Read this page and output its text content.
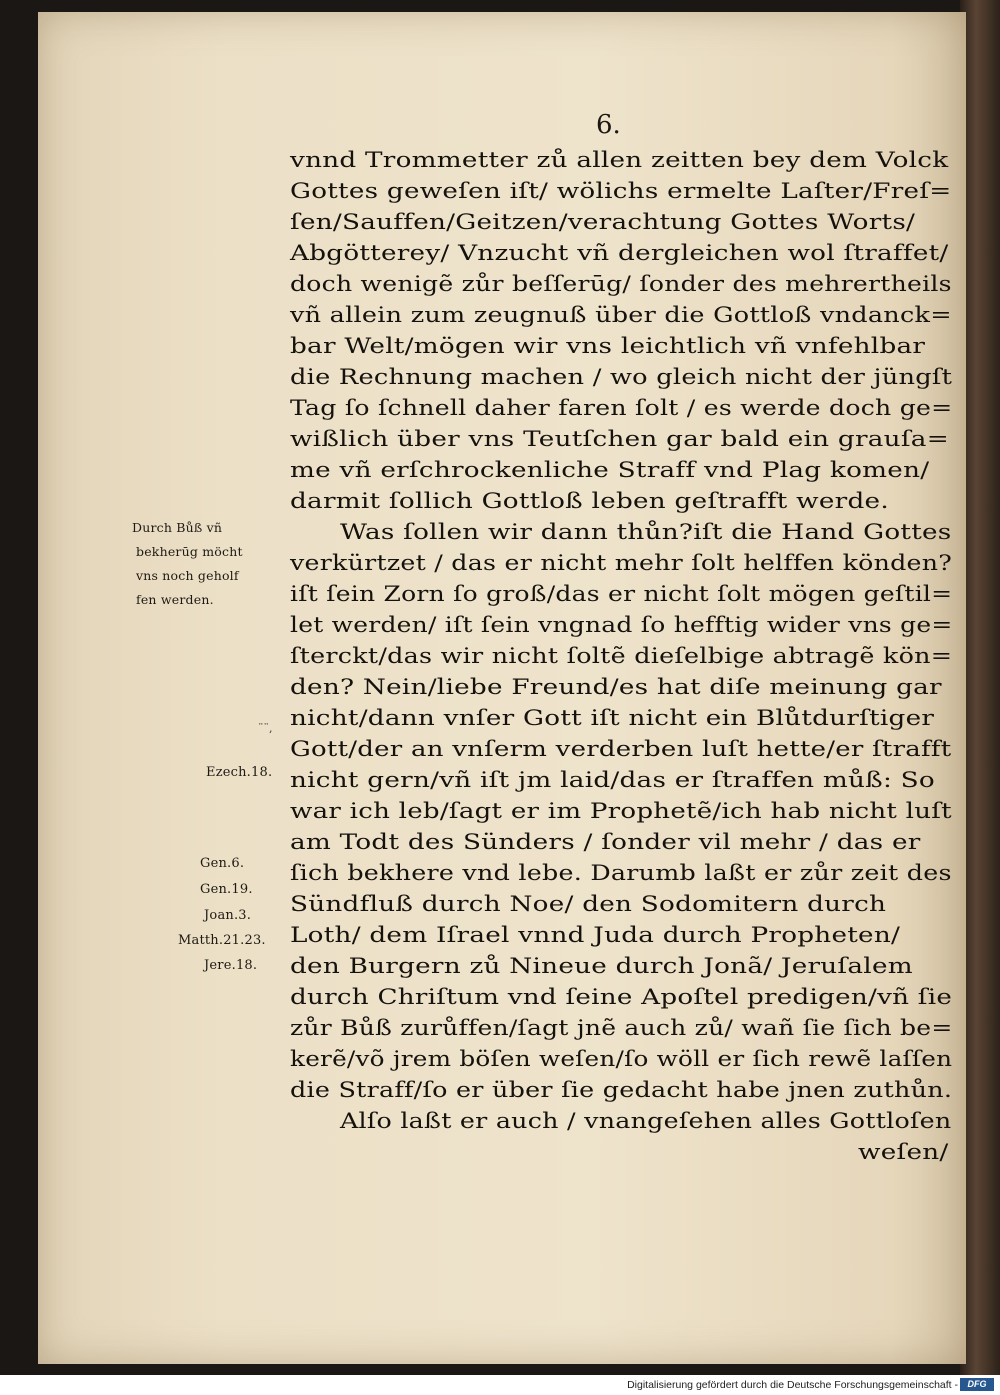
6.
vnnd Trommetter zů allen zeitten bey dem Volck
Gottes geweſen iſt/ wölichs ermelte Laſter/Freſ=
ſen/Sauffen/Geitzen/verachtung Gottes Worts/
Abgötterey/ Vnzucht vñ dergleichen wol ſtraffet/
doch wenigẽ zůr beſſerūg/ ſonder des mehrertheils
vñ allein zum zeugnuß über die Gottloß vndanck=
bar Welt/mögen wir vns leichtlich vñ vnfehlbar
die Rechnung machen / wo gleich nicht der jüngſt
Tag ſo ſchnell daher faren ſolt / es werde doch ge=
wißlich über vns Teutſchen gar bald ein grauſa=
me vñ erſchrockenliche Straff vnd Plag komen/
darmit ſollich Gottloß leben geſtrafft werde.
Was ſollen wir dann thůn?iſt die Hand Gottes
verkürtzet / das er nicht mehr ſolt helffen könden?
iſt ſein Zorn ſo groß/das er nicht ſolt mögen geſtil=
let werden/ iſt ſein vngnad ſo hefftig wider vns ge=
ſterckt/das wir nicht ſoltẽ dieſelbige abtragẽ kön=
den? Nein/liebe Freund/es hat diſe meinung gar
nicht/dann vnſer Gott iſt nicht ein Blůtdurſtiger
Gott/der an vnſerm verderben luſt hette/er ſtrafft
nicht gern/vñ iſt jm laid/das er ſtraffen můß: So
war ich leb/ſagt er im Prophetẽ/ich hab nicht luſt
am Todt des Sünders / ſonder vil mehr / das er
ſich bekhere vnd lebe. Darumb laßt er zůr zeit des
Sündfluß durch Noe/ den Sodomitern durch
Loth/ dem Iſrael vnnd Juda durch Propheten/
den Burgern zů Nineue durch Jonã/ Jeruſalem
durch Chriſtum vnd ſeine Apoſtel predigen/vñ ſie
zůr Bůß zurůffen/ſagt jnẽ auch zů/ wañ ſie ſich be=
kerẽ/võ jrem böſen weſen/ſo wöll er ſich rewẽ laſſen
die Straff/ſo er über ſie gedacht habe jnen zuthůn.
Alſo laßt er auch / vnangeſehen alles Gottloſen
weſen/
Durch Bůß vñ
bekherūg möcht
vns noch geholf
fen werden.
Ezech.18.
Gen.6.
Gen.19.
Joan.3.
Matth.21.23.
Jere.18.
¨¨,
Digitalisierung gefördert durch die Deutsche Forschungsgemeinschaft -	DFG
